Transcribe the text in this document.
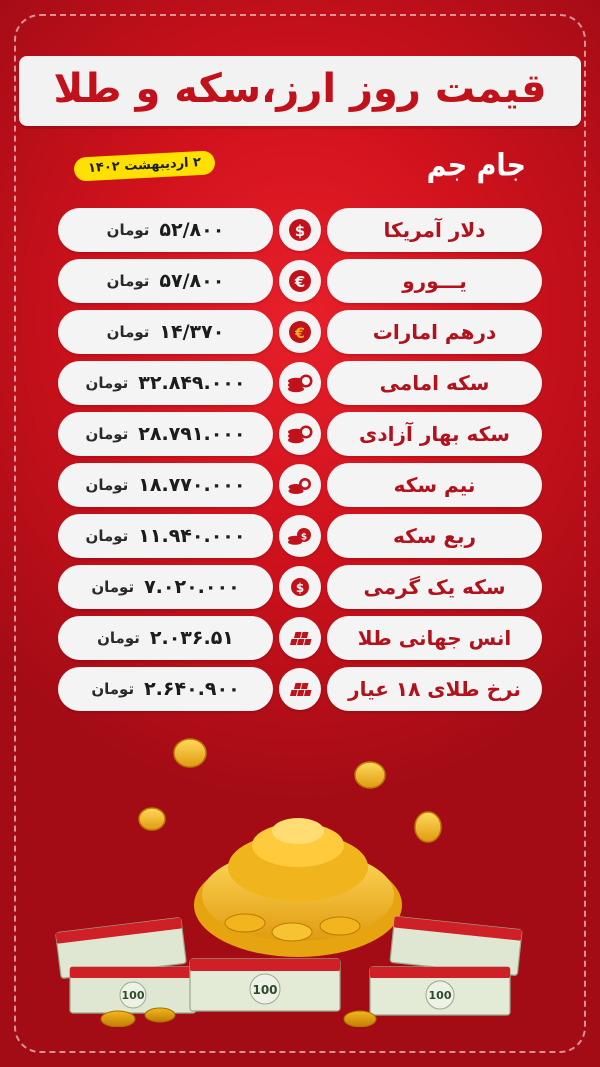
قیمت روز ارز،سکه و طلا
جام جم
۲ اردیبهشت ۱۴۰۲
دلار آمریکا
$
۵۲/۸۰۰
تومان
یـــورو
€
۵۷/۸۰۰
تومان
درهم امارات
€
۱۴/۳۷۰
تومان
سکه امامی
۳۲.۸۴۹.۰۰۰
تومان
سکه بهار آزادی
۲۸.۷۹۱.۰۰۰
تومان
نیم سکه
۱۸.۷۷۰.۰۰۰
تومان
ربع سکه
$
۱۱.۹۴۰.۰۰۰
تومان
سکه یک گرمی
$
۷.۰۲۰.۰۰۰
تومان
انس جهانی طلا
۲.۰۳۶.۵۱
تومان
نرخ طلای ۱۸ عیار
۲.۶۴۰.۹۰۰
تومان
100	100	100
